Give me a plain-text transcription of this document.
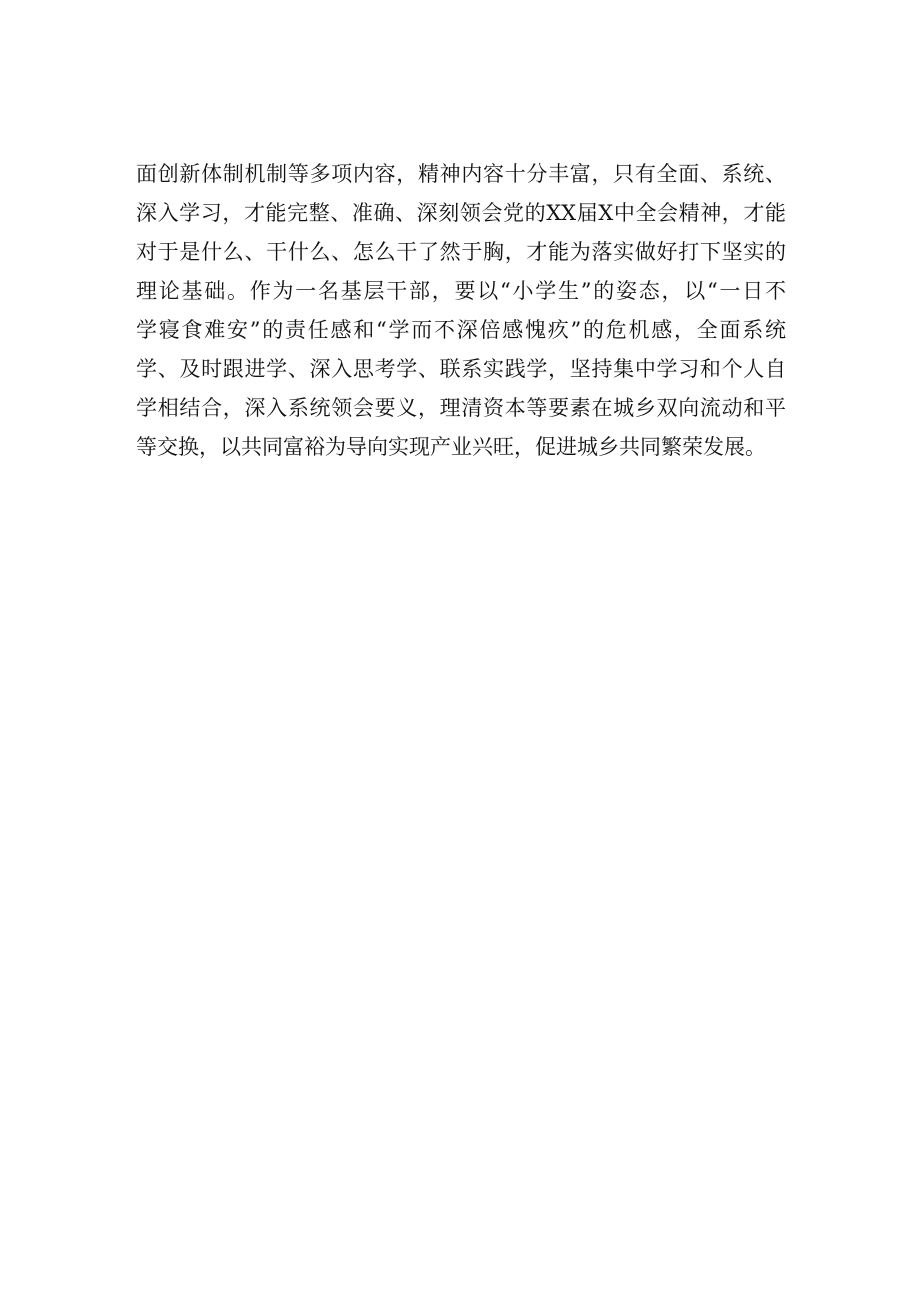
面创新体制机制等多项内容，精神内容十分丰富，只有全面、系统、
深入学习，才能完整、准确、深刻领会党的XX届X中全会精神，才能
对于是什么、干什么、怎么干了然于胸，才能为落实做好打下坚实的
理论基础。作为一名基层干部，要以“小学生”的姿态，以“一日不
学寝食难安”的责任感和“学而不深倍感愧疚”的危机感，全面系统
学、及时跟进学、深入思考学、联系实践学，坚持集中学习和个人自
学相结合，深入系统领会要义，理清资本等要素在城乡双向流动和平
等交换，以共同富裕为导向实现产业兴旺，促进城乡共同繁荣发展。
